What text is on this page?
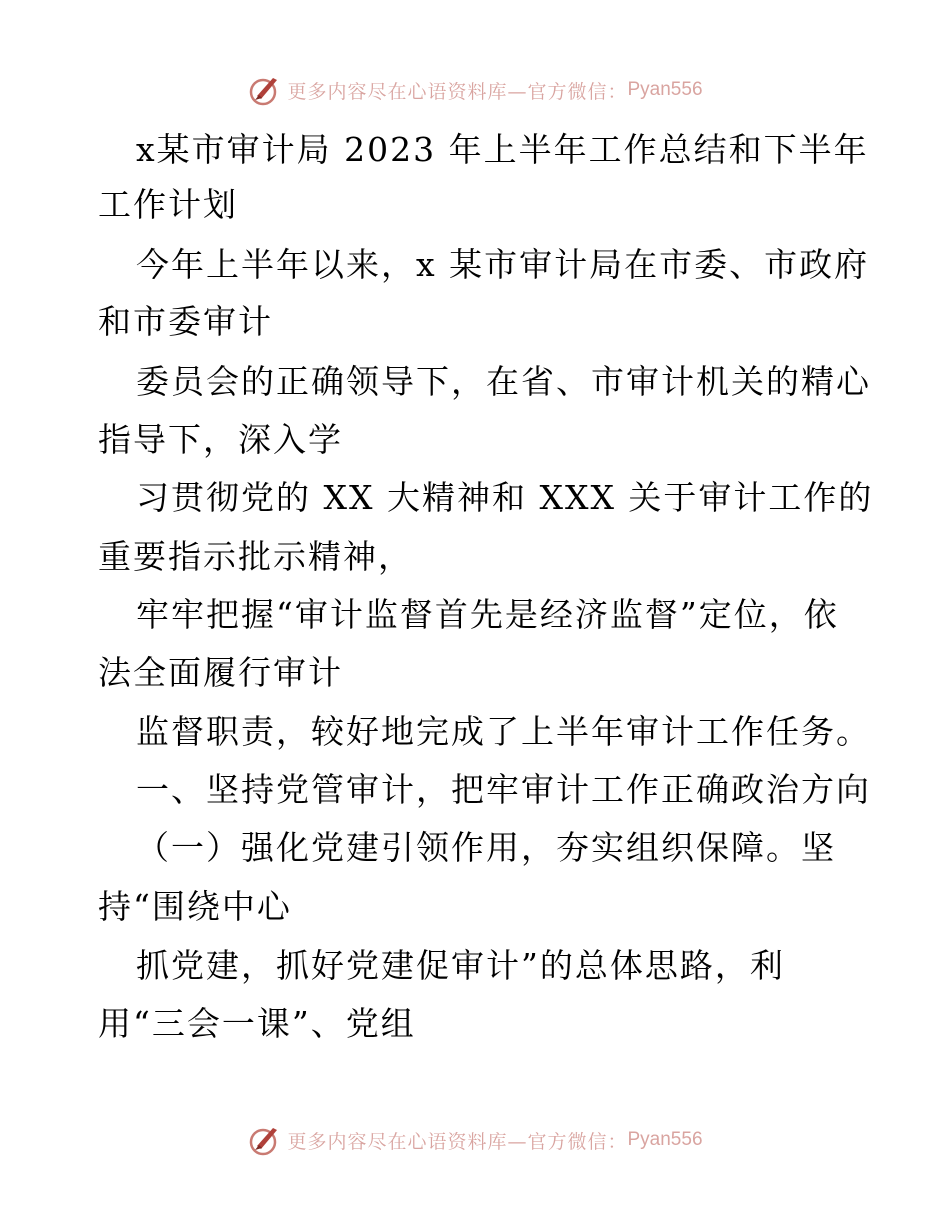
更多内容尽在心语资料库—官方微信： Pyan556
x某市审计局 2023 年上半年工作总结和下半年
工作计划
今年上半年以来，x 某市审计局在市委、市政府
和市委审计
委员会的正确领导下，在省、市审计机关的精心
指导下，深入学
习贯彻党的 XX 大精神和 XXX 关于审计工作的
重要指示批示精神，
牢牢把握“审计监督首先是经济监督”定位，依
法全面履行审计
监督职责，较好地完成了上半年审计工作任务。
一、坚持党管审计，把牢审计工作正确政治方向
（一）强化党建引领作用，夯实组织保障。坚
持“围绕中心
抓党建，抓好党建促审计”的总体思路，利
用“三会一课”、党组
更多内容尽在心语资料库—官方微信： Pyan556
